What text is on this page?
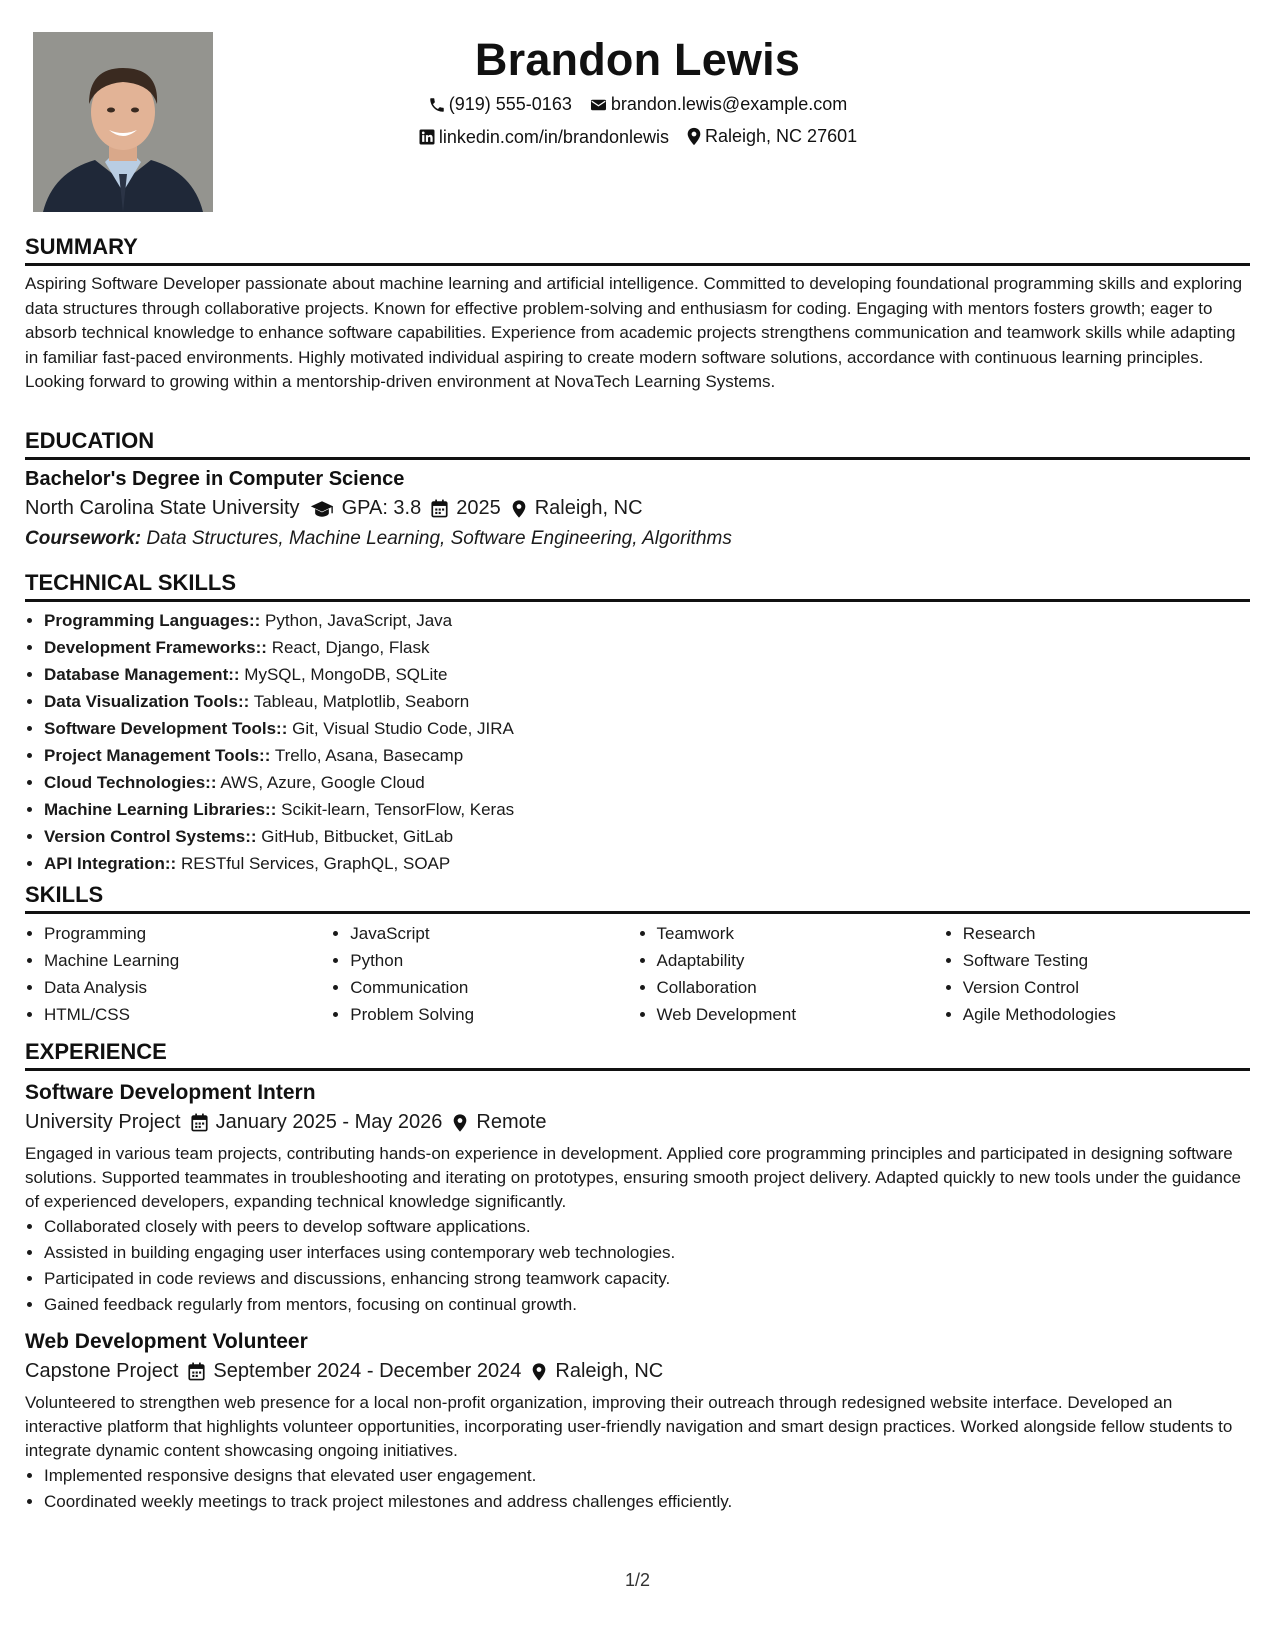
Brandon Lewis
(919) 555-0163
brandon.lewis@example.com
linkedin.com/in/brandonlewis
Raleigh, NC 27601
SUMMARY
Aspiring Software Developer passionate about machine learning and artificial intelligence. Committed to developing foundational programming skills and exploring data structures through collaborative projects. Known for effective problem-solving and enthusiasm for coding. Engaging with mentors fosters growth; eager to absorb technical knowledge to enhance software capabilities. Experience from academic projects strengthens communication and teamwork skills while adapting in familiar fast-paced environments. Highly motivated individual aspiring to create modern software solutions, accordance with continuous learning principles. Looking forward to growing within a mentorship-driven environment at NovaTech Learning Systems.
EDUCATION
Bachelor's Degree in Computer Science
North Carolina State University GPA: 3.8 2025 Raleigh, NC
Coursework: Data Structures, Machine Learning, Software Engineering, Algorithms
TECHNICAL SKILLS
• Programming Languages:: Python, JavaScript, Java
• Development Frameworks:: React, Django, Flask
• Database Management:: MySQL, MongoDB, SQLite
• Data Visualization Tools:: Tableau, Matplotlib, Seaborn
• Software Development Tools:: Git, Visual Studio Code, JIRA
• Project Management Tools:: Trello, Asana, Basecamp
• Cloud Technologies:: AWS, Azure, Google Cloud
• Machine Learning Libraries:: Scikit-learn, TensorFlow, Keras
• Version Control Systems:: GitHub, Bitbucket, GitLab
• API Integration:: RESTful Services, GraphQL, SOAP
SKILLS
• Programming
• Machine Learning
• Data Analysis
• HTML/CSS
• JavaScript
• Python
• Communication
• Problem Solving
• Teamwork
• Adaptability
• Collaboration
• Web Development
• Research
• Software Testing
• Version Control
• Agile Methodologies
EXPERIENCE
Software Development Intern
University Project January 2025 - May 2026 Remote
Engaged in various team projects, contributing hands-on experience in development. Applied core programming principles and participated in designing software solutions. Supported teammates in troubleshooting and iterating on prototypes, ensuring smooth project delivery. Adapted quickly to new tools under the guidance of experienced developers, expanding technical knowledge significantly.
• Collaborated closely with peers to develop software applications.
• Assisted in building engaging user interfaces using contemporary web technologies.
• Participated in code reviews and discussions, enhancing strong teamwork capacity.
• Gained feedback regularly from mentors, focusing on continual growth.
Web Development Volunteer
Capstone Project September 2024 - December 2024 Raleigh, NC
Volunteered to strengthen web presence for a local non-profit organization, improving their outreach through redesigned website interface. Developed an interactive platform that highlights volunteer opportunities, incorporating user-friendly navigation and smart design practices. Worked alongside fellow students to integrate dynamic content showcasing ongoing initiatives.
• Implemented responsive designs that elevated user engagement.
• Coordinated weekly meetings to track project milestones and address challenges efficiently.
1/2
